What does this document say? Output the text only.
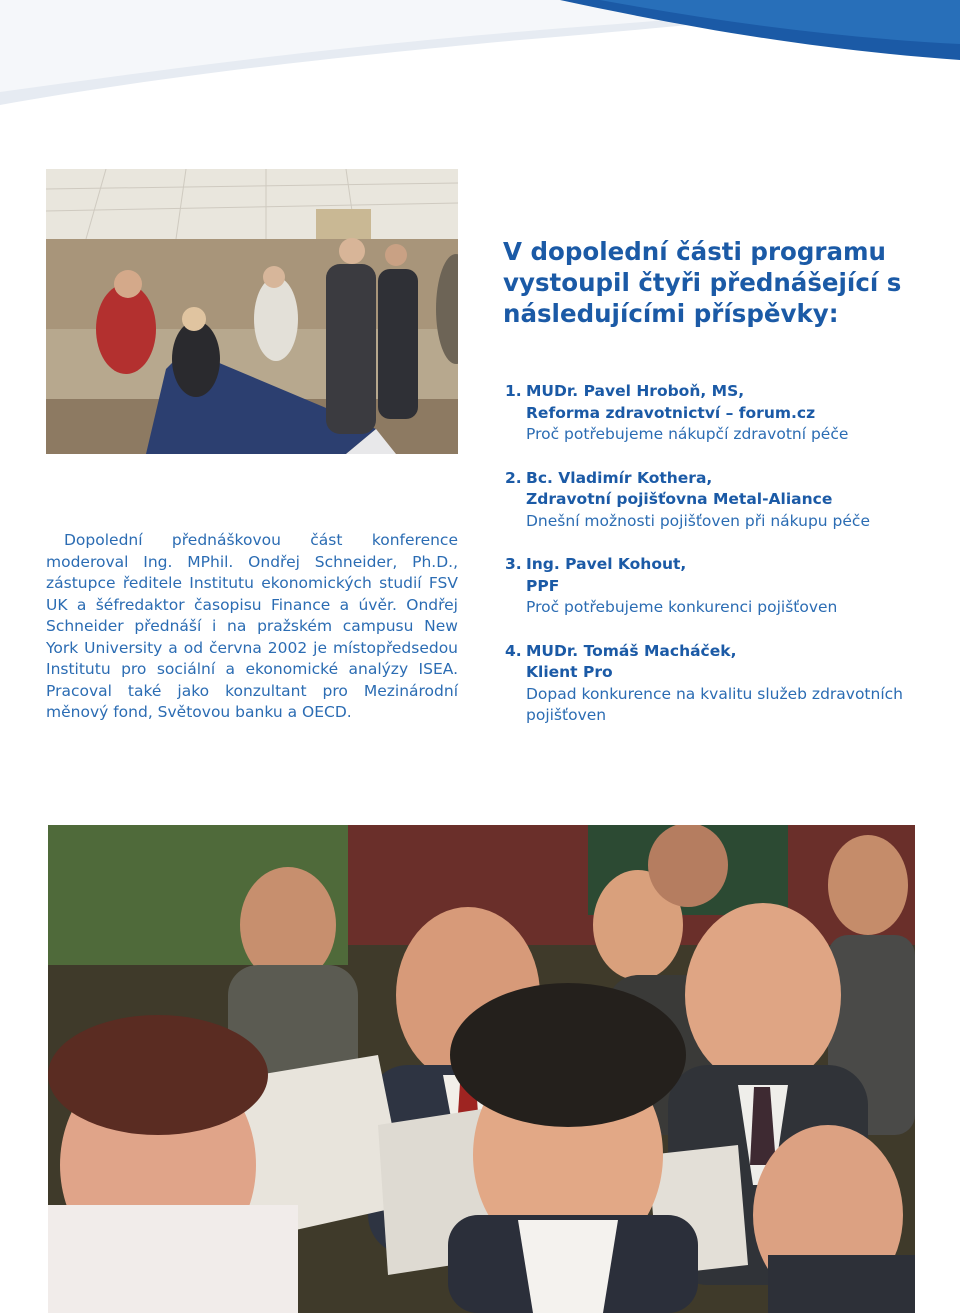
Dopolední přednáškovou část konference moderoval Ing. MPhil. Ondřej Schneider, Ph.D., zástupce ředitele Institutu ekonomických studií FSV UK a šéfredaktor časopisu Finance a úvěr. Ondřej Schneider přednáší i na pražském campusu New York University a od června 2002 je místopředsedou Institutu pro sociální a ekonomické analýzy ISEA. Pracoval také jako konzultant pro Mezinárodní měnový fond, Světovou banku a OECD.

V dopolední části programu vystoupil čtyři přednášející s následujícími příspěvky:
1. MUDr. Pavel Hroboň, MS,
Reforma zdravotnictví – forum.cz
Proč potřebujeme nákupčí zdravotní péče
2. Bc. Vladimír Kothera,
Zdravotní pojišťovna Metal-Aliance
Dnešní možnosti pojišťoven při nákupu péče
3. Ing. Pavel Kohout,
PPF
Proč potřebujeme konkurenci pojišťoven
4. MUDr. Tomáš Macháček,
Klient Pro
Dopad konkurence na kvalitu služeb zdravotních pojišťoven
